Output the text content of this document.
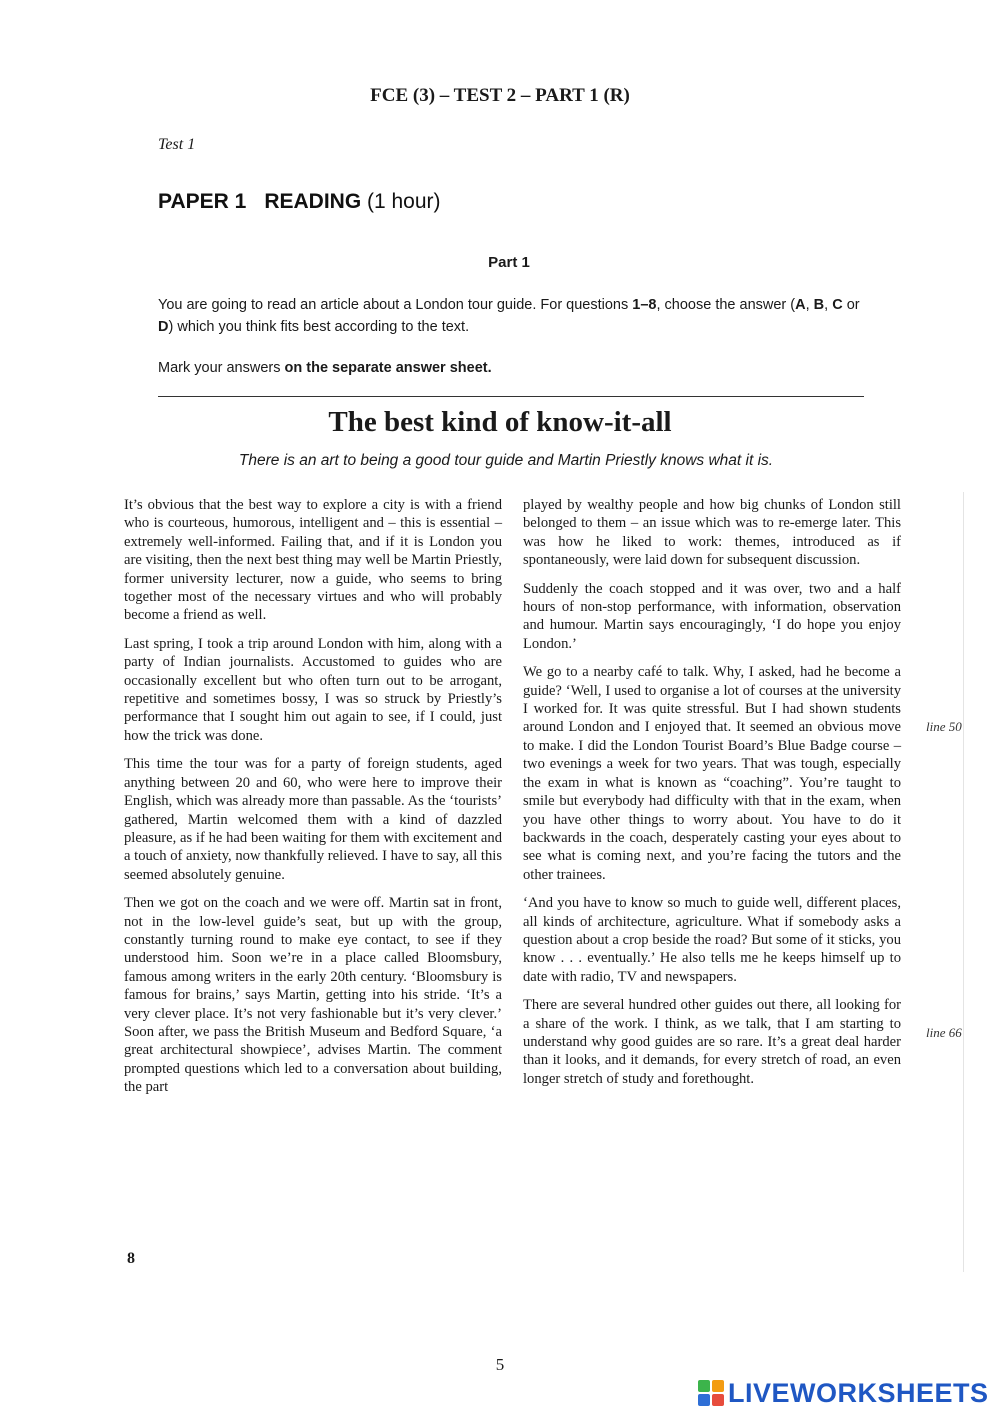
FCE (3) – TEST 2 – PART 1 (R)
Test 1
PAPER 1 READING (1 hour)
Part 1
You are going to read an article about a London tour guide. For questions 1–8, choose the answer (A, B, C or D) which you think fits best according to the text.
Mark your answers on the separate answer sheet.
The best kind of know-it-all
There is an art to being a good tour guide and Martin Priestly knows what it is.

It’s obvious that the best way to explore a city is with a friend who is courteous, humorous, intelligent and – this is essential – extremely well-informed. Failing that, and if it is London you are visiting, then the next best thing may well be Martin Priestly, former university lecturer, now a guide, who seems to bring together most of the necessary virtues and who will probably become a friend as well.

Last spring, I took a trip around London with him, along with a party of Indian journalists. Accustomed to guides who are occasionally excellent but who often turn out to be arrogant, repetitive and sometimes bossy, I was so struck by Priestly’s performance that I sought him out again to see, if I could, just how the trick was done.

This time the tour was for a party of foreign students, aged anything between 20 and 60, who were here to improve their English, which was already more than passable. As the ‘tourists’ gathered, Martin welcomed them with a kind of dazzled pleasure, as if he had been waiting for them with excitement and a touch of anxiety, now thankfully relieved. I have to say, all this seemed absolutely genuine.

Then we got on the coach and we were off. Martin sat in front, not in the low-level guide’s seat, but up with the group, constantly turning round to make eye contact, to see if they understood him. Soon we’re in a place called Bloomsbury, famous among writers in the early 20th century. ‘Bloomsbury is famous for brains,’ says Martin, getting into his stride. ‘It’s a very clever place. It’s not very fashionable but it’s very clever.’ Soon after, we pass the British Museum and Bedford Square, ‘a great architectural showpiece’, advises Martin. The comment prompted questions which led to a conversation about building, the part

played by wealthy people and how big chunks of London still belonged to them – an issue which was to re-emerge later. This was how he liked to work: themes, introduced as if spontaneously, were laid down for subsequent discussion.

Suddenly the coach stopped and it was over, two and a half hours of non-stop performance, with information, observation and humour. Martin says encouragingly, ‘I do hope you enjoy London.’

We go to a nearby café to talk. Why, I asked, had he become a guide? ‘Well, I used to organise a lot of courses at the university I worked for. It was quite stressful. But I had shown students around London and I enjoyed that. It seemed an obvious move to make. I did the London Tourist Board’s Blue Badge course – two evenings a week for two years. That was tough, especially the exam in what is known as “coaching”. You’re taught to smile but everybody had difficulty with that in the exam, when you have other things to worry about. You have to do it backwards in the coach, desperately casting your eyes about to see what is coming next, and you’re facing the tutors and the other trainees.

‘And you have to know so much to guide well, different places, all kinds of architecture, agriculture. What if somebody asks a question about a crop beside the road? But some of it sticks, you know . . . eventually.’ He also tells me he keeps himself up to date with radio, TV and newspapers.

There are several hundred other guides out there, all looking for a share of the work. I think, as we talk, that I am starting to understand why good guides are so rare. It’s a great deal harder than it looks, and it demands, for every stretch of road, an even longer stretch of study and forethought.

line 50
line 66
8
5
LIVEWORKSHEETS
